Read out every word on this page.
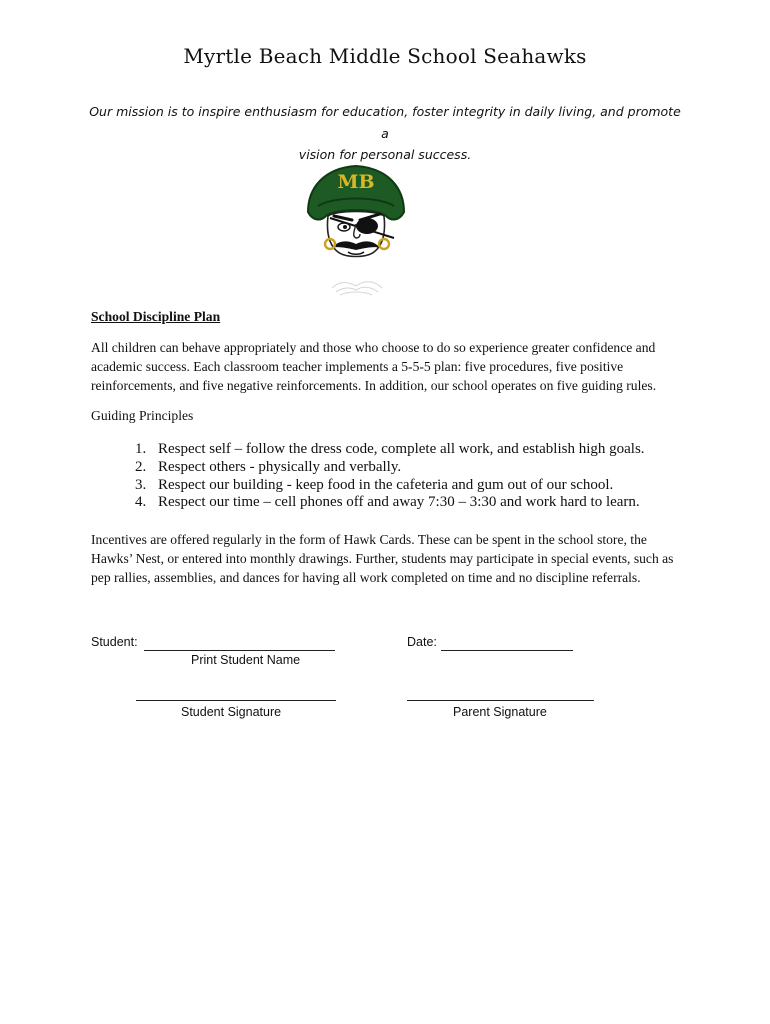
Myrtle Beach Middle School Seahawks
Our mission is to inspire enthusiasm for education, foster integrity in daily living, and promote a
vision for personal success.
MB
School Discipline Plan
All children can behave appropriately and those who choose to do so experience greater confidence and academic success. Each classroom teacher implements a 5-5-5 plan: five procedures, five positive reinforcements, and five negative reinforcements. In addition, our school operates on five guiding rules.
Guiding Principles
1. Respect self – follow the dress code, complete all work, and establish high goals.
2. Respect others - physically and verbally.
3. Respect our building - keep food in the cafeteria and gum out of our school.
4. Respect our time – cell phones off and away 7:30 – 3:30 and work hard to learn.
Incentives are offered regularly in the form of Hawk Cards. These can be spent in the school store, the Hawks’ Nest, or entered into monthly drawings. Further, students may participate in special events, such as pep rallies, assemblies, and dances for having all work completed on time and no discipline referrals.
Student:
Print Student Name
Date:
Student Signature	Parent Signature
